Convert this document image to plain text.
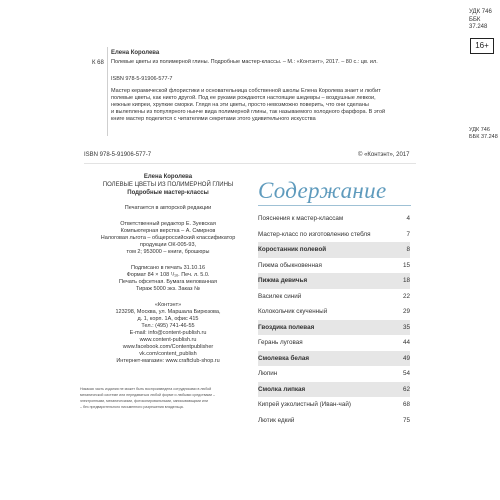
УДК 746
ББК 37.248
16+
Елена Королева
К 68 Полевые цветы из полимерной глины. Подробные мастер-классы. – М.: «Контэнт», 2017. – 80 с.: цв. ил.
ISBN 978-5-91906-577-7
Мастер керамической флористики и основательница собственной школы Елена Королева знает и любит
полевые цветы, как никто другой. Под ее руками рождаются настоящие шедевры – воздушные левкои,
нежные кипреи, хрупкие сморки. Глядя на эти цветы, просто невозможно поверить, что они сделаны
и вылеплены из популярного нынче вида полимерной глины, так называемого холодного фарфора. В этой
книге мастер поделится с читателями секретами этого удивительного искусства
УДК 746
ББК 37.248
ISBN 978-5-91906-577-7	© «Контэнт», 2017
Елена Королева
ПОЛЕВЫЕ ЦВЕТЫ ИЗ ПОЛИМЕРНОЙ ГЛИНЫ
Подробные мастер-классы
Печатается в авторской редакции
Ответственный редактор Е. Зуевская
Компьютерная верстка – А. Смирнов
Налоговая льгота – общероссийский классификатор
продукции ОК-005-93,
том 2; 953000 – книги, брошюры
Подписано в печать 31.10.16
Формат 84 × 108 ¹/₁₆. Печ. л. 5.0.
Печать офсетная. Бумага мелованная
Тираж 5000 экз. Заказ №
«Контэнт»
123298, Москва, ул. Маршала Бирюзова,
д. 1, корп. 1А, офис 415
Тел.: (495) 741-46-55
E-mail: info@content-publish.ru
www.content-publish.ru
www.facebook.com/Contentpublisher
vk.com/content_publish
Интернет-магазин: www.craftclub-shop.ru
Никакая часть издания не может быть воспроизведена сотрудниками в любой
механической системе или передаваться любой форме и любыми средствами –
электронными, механическими, фотокопировальными, записывающими или
– без предварительного письменного разрешения владельца.
Содержание
Пояснения к мастер-классам	4
Мастер-класс по изготовлению стебля	7
Коростанник полевой	8
Пижма обыкновенная	15
Пижма девичья	18
Василек синий	22
Колокольчик скученный	29
Гвоздика полевая	35
Герань луговая	44
Смолевка белая	49
Люпин	54
Смолка липкая	62
Кипрей узколистный (Иван-чай)	68
Лютик едкий	75
